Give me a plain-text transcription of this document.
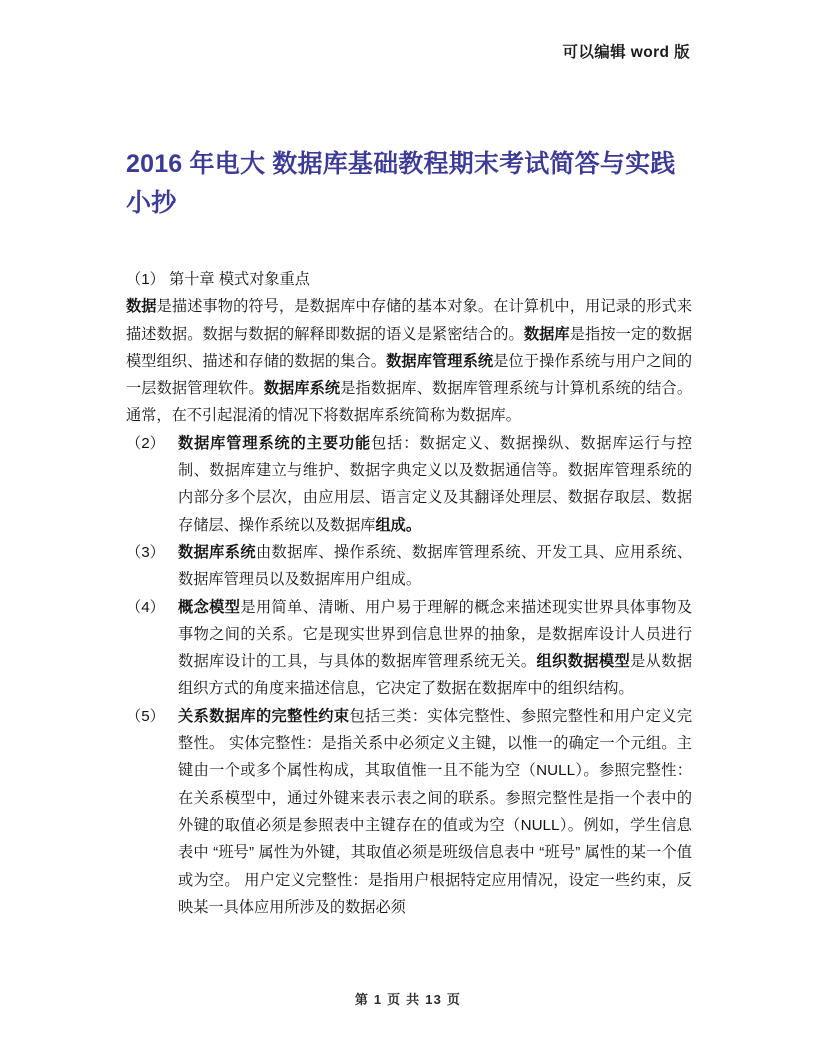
可以编辑 word 版
2016 年电大 数据库基础教程期末考试简答与实践小抄
（1） 第十章 模式对象重点
数据是描述事物的符号，是数据库中存储的基本对象。在计算机中，用记录的形式来描述数据。数据与数据的解释即数据的语义是紧密结合的。数据库是指按一定的数据模型组织、描述和存储的数据的集合。数据库管理系统是位于操作系统与用户之间的一层数据管理软件。数据库系统是指数据库、数据库管理系统与计算机系统的结合。通常，在不引起混淆的情况下将数据库系统简称为数据库。
（2） 数据库管理系统的主要功能包括：数据定义、数据操纵、数据库运行与控制、数据库建立与维护、数据字典定义以及数据通信等。数据库管理系统的内部分多个层次，由应用层、语言定义及其翻译处理层、数据存取层、数据存储层、操作系统以及数据库组成。
（3） 数据库系统由数据库、操作系统、数据库管理系统、开发工具、应用系统、数据库管理员以及数据库用户组成。
（4） 概念模型是用简单、清晰、用户易于理解的概念来描述现实世界具体事物及事物之间的关系。它是现实世界到信息世界的抽象，是数据库设计人员进行数据库设计的工具，与具体的数据库管理系统无关。组织数据模型是从数据组织方式的角度来描述信息，它决定了数据在数据库中的组织结构。
（5） 关系数据库的完整性约束包括三类：实体完整性、参照完整性和用户定义完整性。 实体完整性：是指关系中必须定义主键，以惟一的确定一个元组。主键由一个或多个属性构成，其取值惟一且不能为空（NULL）。参照完整性：在关系模型中，通过外键来表示表之间的联系。参照完整性是指一个表中的外键的取值必须是参照表中主键存在的值或为空（NULL）。例如，学生信息表中 “班号” 属性为外键，其取值必须是班级信息表中 “班号” 属性的某一个值或为空。 用户定义完整性：是指用户根据特定应用情况，设定一些约束，反映某一具体应用所涉及的数据必须
第 1 页 共 13 页
